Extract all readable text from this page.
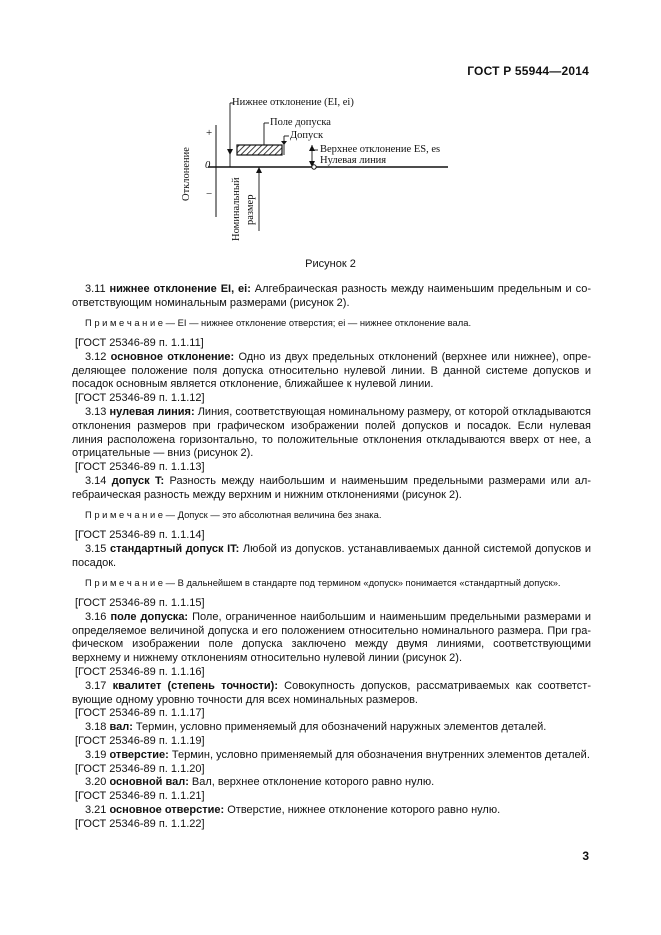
ГОСТ Р 55944—2014
Нижнее отклонение (EI, ei)
Поле допуска
Допуск
Верхнее отклонение ES, es
Нулевая линия
+
−
0
Отклонение
Номинальный размер
Рисунок 2

3.11 нижнее отклонение EI, ei: Алгебраическая разность между наименьшим предельным и соответствующим номинальным размерами (рисунок 2).

П р и м е ч а н и е — EI — нижнее отклонение отверстия; ei — нижнее отклонение вала.

[ГОСТ 25346-89 п. 1.1.11]

3.12 основное отклонение: Одно из двух предельных отклонений (верхнее или нижнее), определяющее положение поля допуска относительно нулевой линии. В данной системе допусков и посадок основным является отклонение, ближайшее к нулевой линии.

[ГОСТ 25346-89 п. 1.1.12]

3.13 нулевая линия: Линия, соответствующая номинальному размеру, от которой откладываются отклонения размеров при графическом изображении полей допусков и посадок. Если нулевая линия расположена горизонтально, то положительные отклонения откладываются вверх от нее, а отрицательные — вниз (рисунок 2).

[ГОСТ 25346-89 п. 1.1.13]

3.14 допуск T: Разность между наибольшим и наименьшим предельными размерами или алгебраическая разность между верхним и нижним отклонениями (рисунок 2).

П р и м е ч а н и е — Допуск — это абсолютная величина без знака.

[ГОСТ 25346-89 п. 1.1.14]

3.15 стандартный допуск IT: Любой из допусков. устанавливаемых данной системой допусков и посадок.

П р и м е ч а н и е — В дальнейшем в стандарте под термином «допуск» понимается «стандартный допуск».

[ГОСТ 25346-89 п. 1.1.15]

3.16 поле допуска: Поле, ограниченное наибольшим и наименьшим предельными размерами и определяемое величиной допуска и его положением относительно номинального размера. При графическом изображении поле допуска заключено между двумя линиями, соответствующими верхнему и нижнему отклонениям относительно нулевой линии (рисунок 2).

[ГОСТ 25346-89 п. 1.1.16]

3.17 квалитет (степень точности): Совокупность допусков, рассматриваемых как соответствующие одному уровню точности для всех номинальных размеров.

[ГОСТ 25346-89 п. 1.1.17]

3.18 вал: Термин, условно применяемый для обозначений наружных элементов деталей.

[ГОСТ 25346-89 п. 1.1.19]

3.19 отверстие: Термин, условно применяемый для обозначения внутренних элементов деталей.

[ГОСТ 25346-89 п. 1.1.20]

3.20 основной вал: Вал, верхнее отклонение которого равно нулю.

[ГОСТ 25346-89 п. 1.1.21]

3.21 основное отверстие: Отверстие, нижнее отклонение которого равно нулю.

[ГОСТ 25346-89 п. 1.1.22]

3
